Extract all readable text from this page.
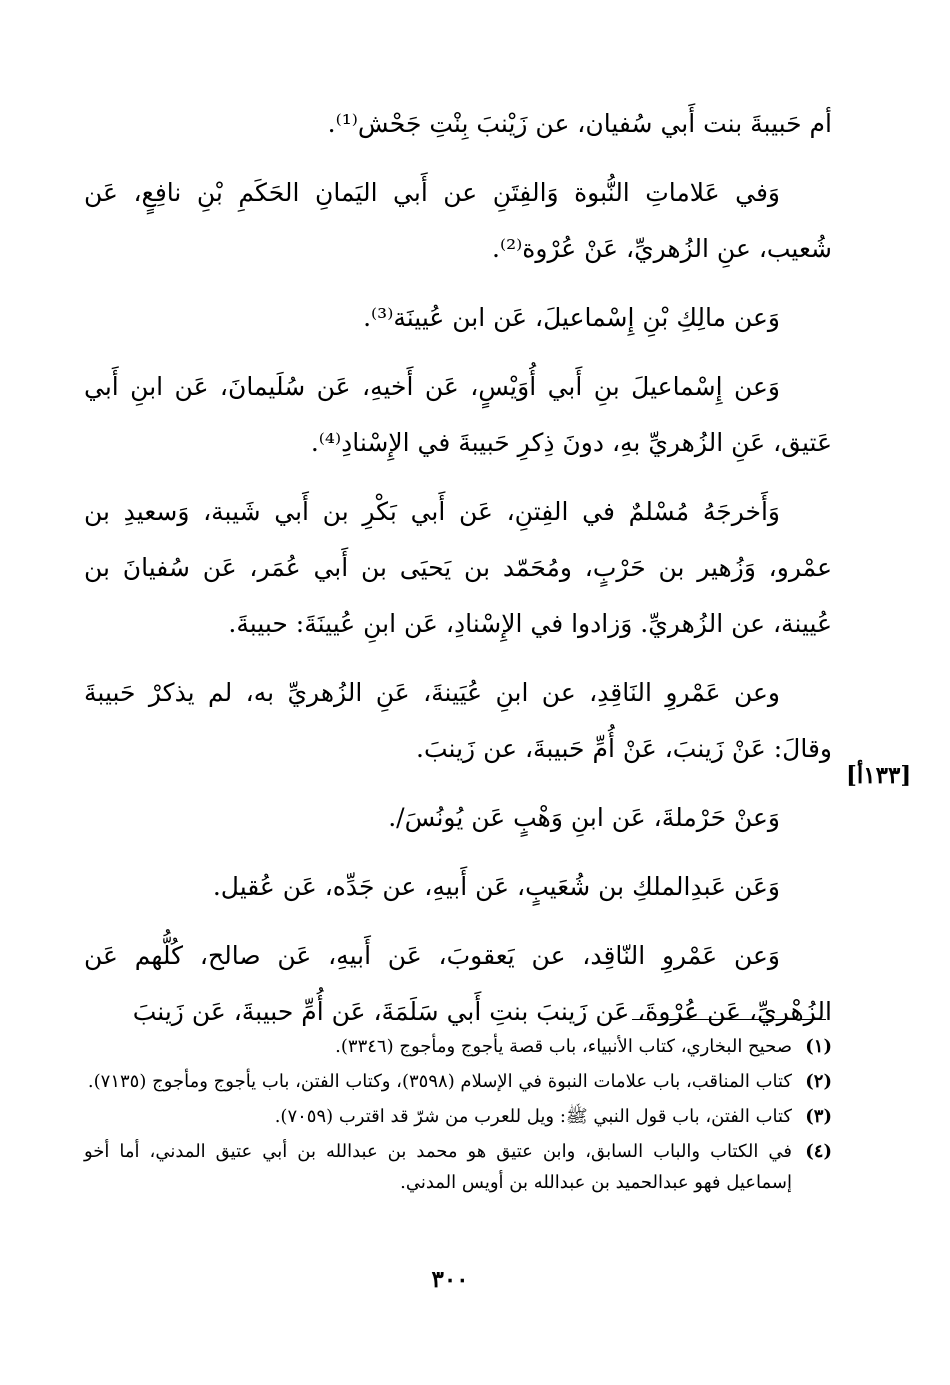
أم حَبيبةَ بنت أَبي سُفيان، عن زَيْنبَ بِنْتِ جَحْش⁽¹⁾.

وَفي عَلاماتِ النُّبوة وَالفِتَنِ عن أَبي اليَمانِ الحَكَمِ بْنِ نافِعٍ، عَن شُعيب، عنِ الزُهريِّ، عَنْ عُرْوة⁽²⁾.

وَعن مالِكِ بْنِ إِسْماعيلَ، عَن ابن عُيينَة⁽³⁾.

وَعن إِسْماعيلَ بنِ أَبي أُوَيْسٍ، عَن أَخيهِ، عَن سُلَيمانَ، عَن ابنِ أَبي عَتيق، عَنِ الزُهريِّ بهِ، دونَ ذِكرِ حَبيبةَ في الإِسْنادِ⁽⁴⁾.

وَأَخرجَهُ مُسْلمٌ في الفِتنِ، عَن أَبي بَكْرِ بن أَبي شَيبة، وَسعيدِ بن عمْرو، وَزُهير بن حَرْبٍ، ومُحَمّد بن يَحيَى بن أَبي عُمَر، عَن سُفيانَ بن عُيينة، عن الزُهريِّ. وَزادوا في الإِسْنادِ، عَن ابنِ عُيينَةَ: حبيبةَ.

وعن عَمْروِ النَاقِدِ، عن ابنِ عُيَينةَ، عَنِ الزُهريِّ به، لم يذكرْ حَبيبةَ وقالَ: عَنْ زَينبَ، عَنْ أُمِّ حَبيبةَ، عن زَينبَ.

وَعنْ حَرْملةَ، عَن ابنِ وَهْبٍ عَن يُونُسَ/.

وَعَن عَبدِالملكِ بن شُعَيبٍ، عَن أَبيهِ، عن جَدِّه، عَن عُقيل.

وَعن عَمْروِ النّاقِد، عن يَعقوبَ، عَن أَبيهِ، عَن صالح، كُلُّهم عَن الزُهْريِّ، عَن عُرْوةَ، عَن زَينبَ بنتِ أَبي سَلَمَةَ، عَن أُمِّ حبيبةَ، عَن زَينبَ

[١٣٣أ]
(١)
صحيح البخاري، كتاب الأنبياء، باب قصة يأجوج ومأجوج (٣٣٤٦).
(٢)
كتاب المناقب، باب علامات النبوة في الإسلام (٣٥٩٨)، وكتاب الفتن، باب يأجوج ومأجوج (٧١٣٥).
(٣)
كتاب الفتن، باب قول النبي ﷺ: ويل للعرب من شرّ قد اقترب (٧٠٥٩).
(٤)
في الكتاب والباب السابق، وابن عتيق هو محمد بن عبدالله بن أبي عتيق المدني، أما أخو إسماعيل فهو عبدالحميد بن عبدالله بن أويس المدني.
٣٠٠
